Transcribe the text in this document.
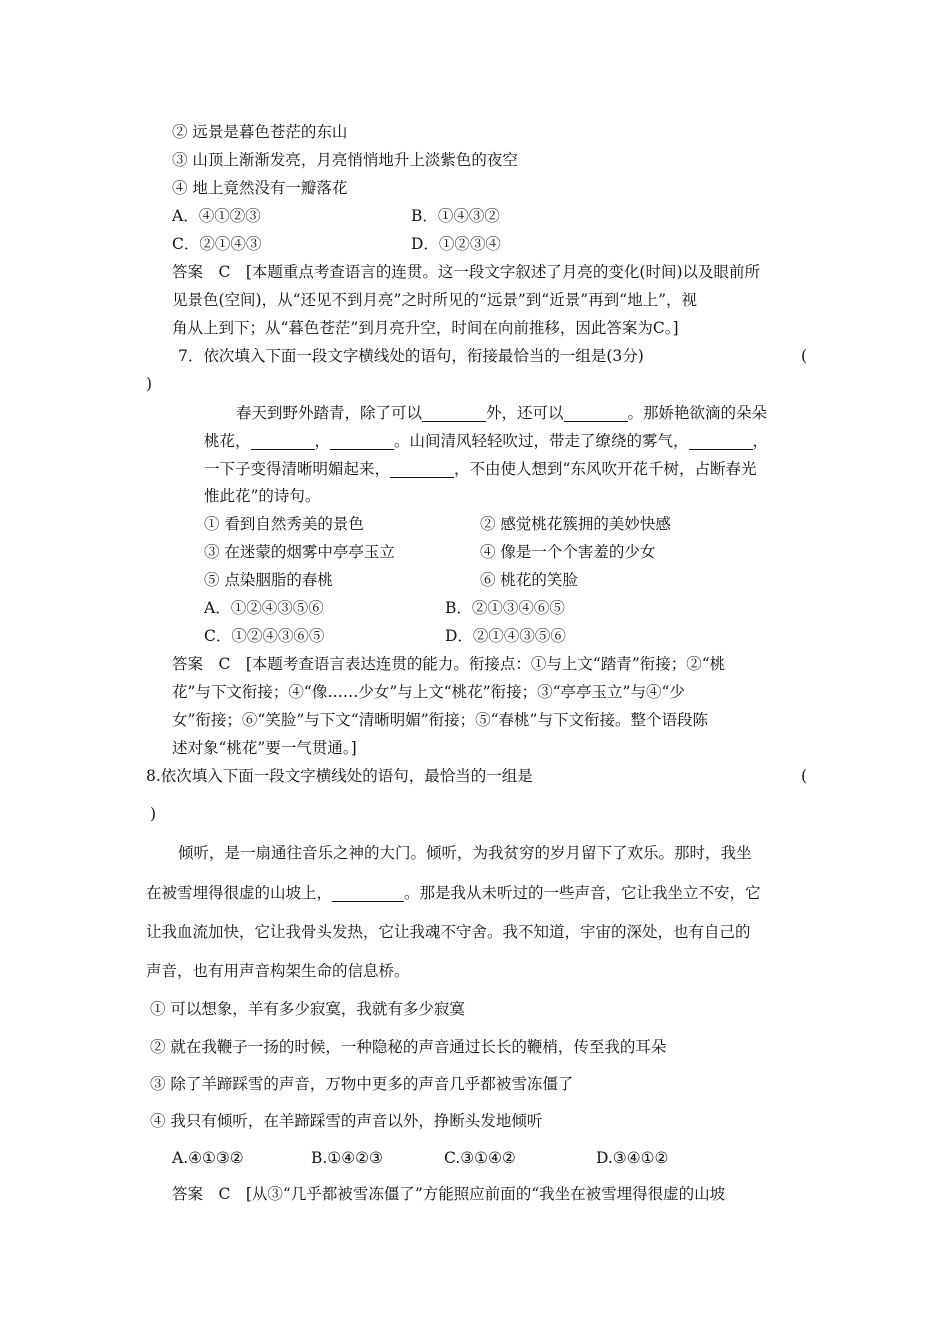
② 远景是暮色苍茫的东山
③ 山顶上渐渐发亮，月亮悄悄地升上淡紫色的夜空
④ 地上竟然没有一瓣落花
A．④①②③	B．①④③②
C．②①④③	D．①②③④
答案　C　[本题重点考查语言的连贯。这一段文字叙述了月亮的变化(时间)以及眼前所
见景色(空间)，从“还见不到月亮”之时所见的“远景”到“近景”再到“地上”，视
角从上到下；从“暮色苍茫”到月亮升空，时间在向前推移，因此答案为C。]
7．依次填入下面一段文字横线处的语句，衔接最恰当的一组是(3分)	(
)
春天到野外踏青，除了可以	外，还可以	。那娇艳欲滴的朵朵
桃花，	，	。山间清风轻轻吹过，带走了缭绕的雾气，	，
一下子变得清晰明媚起来，	，不由使人想到“东风吹开花千树，占断春光
惟此花”的诗句。
① 看到自然秀美的景色	② 感觉桃花簇拥的美妙快感
③ 在迷蒙的烟雾中亭亭玉立	④ 像是一个个害羞的少女
⑤ 点染胭脂的春桃	⑥ 桃花的笑脸
A．①②④③⑤⑥	B．②①③④⑥⑤
C．①②④③⑥⑤	D．②①④③⑤⑥
答案　C　[本题考查语言表达连贯的能力。衔接点：①与上文“踏青”衔接；②“桃
花”与下文衔接；④“像……少女”与上文“桃花”衔接；③“亭亭玉立”与④“少
女”衔接；⑥“笑脸”与下文“清晰明媚”衔接；⑤“春桃”与下文衔接。整个语段陈
述对象“桃花”要一气贯通。]
8.依次填入下面一段文字横线处的语句，最恰当的一组是	(
)
倾听，是一扇通往音乐之神的大门。倾听，为我贫穷的岁月留下了欢乐。那时，我坐
在被雪埋得很虚的山坡上，	。那是我从未听过的一些声音，它让我坐立不安，它
让我血流加快，它让我骨头发热，它让我魂不守舍。我不知道，宇宙的深处，也有自己的
声音，也有用声音构架生命的信息桥。
① 可以想象，羊有多少寂寞，我就有多少寂寞
② 就在我鞭子一扬的时候，一种隐秘的声音通过长长的鞭梢，传至我的耳朵
③ 除了羊蹄踩雪的声音，万物中更多的声音几乎都被雪冻僵了
④ 我只有倾听，在羊蹄踩雪的声音以外，挣断头发地倾听
A.④①③②	B.①④②③	C.③①④②	D.③④①②
答案　C　[从③“几乎都被雪冻僵了”方能照应前面的“我坐在被雪埋得很虚的山坡
